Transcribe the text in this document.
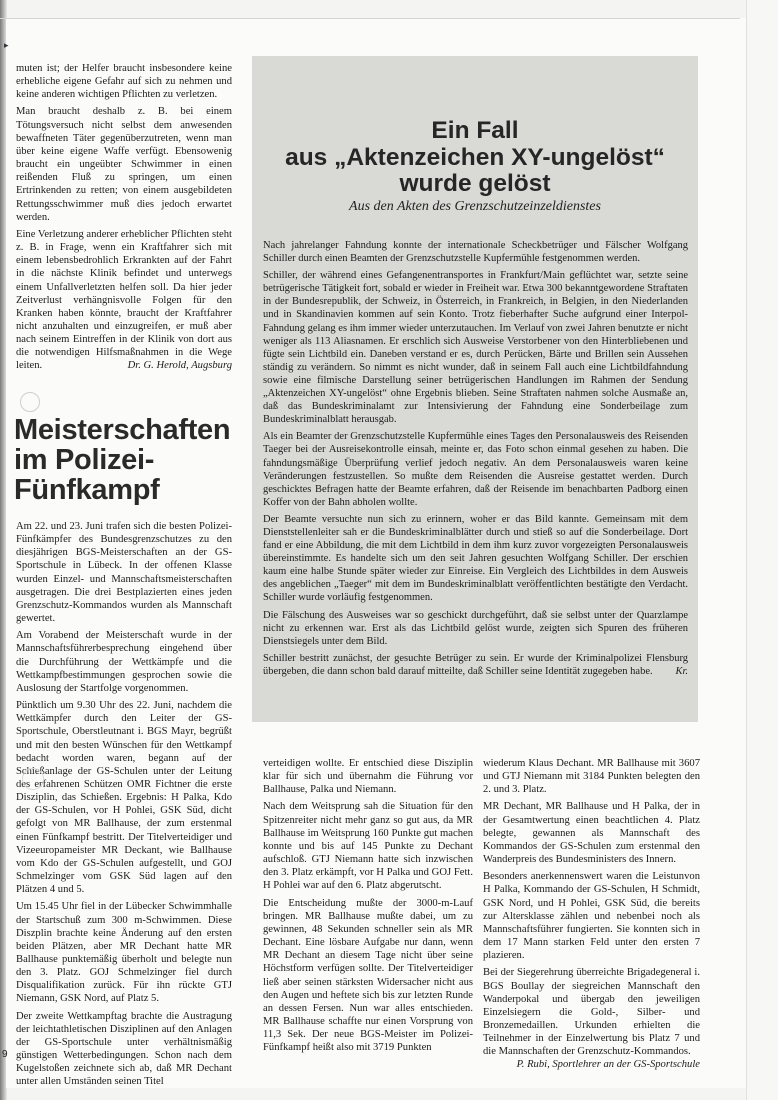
▸

muten ist; der Helfer braucht insbesondere keine erhebliche eigene Gefahr auf sich zu nehmen und keine anderen wichtigen Pflichten zu verletzen.

Man braucht deshalb z. B. bei einem Tötungsversuch nicht selbst dem anwesenden bewaffneten Täter gegenüberzutreten, wenn man über keine eigene Waffe verfügt. Ebensowenig braucht ein ungeübter Schwimmer in einen reißenden Fluß zu springen, um einen Ertrinkenden zu retten; von einem ausgebildeten Rettungsschwimmer muß dies jedoch erwartet werden.

Eine Verletzung anderer erheblicher Pflichten steht z. B. in Frage, wenn ein Kraftfahrer sich mit einem lebensbedrohlich Erkrankten auf der Fahrt in die nächste Klinik befindet und unterwegs einem Unfallverletzten helfen soll. Da hier jeder Zeitverlust verhängnisvolle Folgen für den Kranken haben könnte, braucht der Kraftfahrer nicht anzuhalten und einzugreifen, er muß aber nach seinem Eintreffen in der Klinik von dort aus die notwendigen Hilfsmaßnahmen in die Wege leiten.	Dr. G. Herold, Augsburg

Meisterschaften
im Polizei-
Fünfkampf

Am 22. und 23. Juni trafen sich die besten Polizei-Fünfkämpfer des Bundesgrenzschutzes zu den diesjährigen BGS-Meisterschaften an der GS-Sportschule in Lübeck. In der offenen Klasse wurden Einzel- und Mannschaftsmeisterschaften ausgetragen. Die drei Bestplazierten eines jeden Grenzschutz-Kommandos wurden als Mannschaft gewertet.

Am Vorabend der Meisterschaft wurde in der Mannschaftsführerbesprechung eingehend über die Durchführung der Wettkämpfe und die Wettkampfbestimmungen gesprochen sowie die Auslosung der Startfolge vorgenommen.

Pünktlich um 9.30 Uhr des 22. Juni, nachdem die Wettkämpfer durch den Leiter der GS-Sportschule, Oberstleutnant i. BGS Mayr, begrüßt und mit den besten Wünschen für den Wettkampf bedacht worden waren, begann auf der Schießanlage der GS-Schulen unter der Leitung des erfahrenen Schützen OMR Fichtner die erste Disziplin, das Schießen. Ergebnis: H Palka, Kdo der GS-Schulen, vor H Pohlei, GSK Süd, dicht gefolgt von MR Ballhause, der zum erstenmal einen Fünfkampf bestritt. Der Titelverteidiger und Vizeeuropameister MR Deckant, wie Ballhause vom Kdo der GS-Schulen aufgestellt, und GOJ Schmelzinger vom GSK Süd lagen auf den Plätzen 4 und 5.

Um 15.45 Uhr fiel in der Lübecker Schwimmhalle der Startschuß zum 300 m-Schwimmen. Diese Diszplin brachte keine Änderung auf den ersten beiden Plätzen, aber MR Dechant hatte MR Ballhause punktemäßig überholt und belegte nun den 3. Platz. GOJ Schmelzinger fiel durch Disqualifikation zurück. Für ihn rückte GTJ Niemann, GSK Nord, auf Platz 5.

Der zweite Wettkampftag brachte die Austragung der leichtathletischen Disziplinen auf den Anlagen der GS-Sportschule unter verhältnismäßig günstigen Wetterbedingungen. Schon nach dem Kugelstoßen zeichnete sich ab, daß MR Dechant unter allen Umständen seinen Titel

Ein Fall
aus „Aktenzeichen XY-ungelöst“
wurde gelöst
Aus den Akten des Grenzschutzeinzeldienstes

Nach jahrelanger Fahndung konnte der internationale Scheckbetrüger und Fälscher Wolfgang Schiller durch einen Beamten der Grenzschutzstelle Kupfermühle festgenommen werden.

Schiller, der während eines Gefangenentransportes in Frankfurt/Main geflüchtet war, setzte seine betrügerische Tätigkeit fort, sobald er wieder in Freiheit war. Etwa 300 bekanntgewordene Straftaten in der Bundesrepublik, der Schweiz, in Österreich, in Frankreich, in Belgien, in den Niederlanden und in Skandinavien kommen auf sein Konto. Trotz fieberhafter Suche aufgrund einer Interpol-Fahndung gelang es ihm immer wieder unterzutauchen. Im Verlauf von zwei Jahren benutzte er nicht weniger als 113 Aliasnamen. Er erschlich sich Ausweise Verstorbener von den Hinterbliebenen und fügte sein Lichtbild ein. Daneben verstand er es, durch Perücken, Bärte und Brillen sein Aussehen ständig zu verändern. So nimmt es nicht wunder, daß in seinem Fall auch eine Lichtbildfahndung sowie eine filmische Darstellung seiner betrügerischen Handlungen im Rahmen der Sendung „Aktenzeichen XY-ungelöst“ ohne Ergebnis blieben. Seine Straftaten nahmen solche Ausmaße an, daß das Bundeskriminalamt zur Intensivierung der Fahndung eine Sonderbeilage zum Bundeskriminalblatt herausgab.

Als ein Beamter der Grenzschutzstelle Kupfermühle eines Tages den Personalausweis des Reisenden Taeger bei der Ausreisekontrolle einsah, meinte er, das Foto schon einmal gesehen zu haben. Die fahndungsmäßige Überprüfung verlief jedoch negativ. An dem Personalausweis waren keine Veränderungen festzustellen. So mußte dem Reisenden die Ausreise gestattet werden. Durch geschicktes Befragen hatte der Beamte erfahren, daß der Reisende im benachbarten Padborg einen Koffer von der Bahn abholen wollte.

Der Beamte versuchte nun sich zu erinnern, woher er das Bild kannte. Gemeinsam mit dem Dienststellenleiter sah er die Bundeskriminalblätter durch und stieß so auf die Sonderbeilage. Dort fand er eine Abbildung, die mit dem Lichtbild in dem ihm kurz zuvor vorgezeigten Personalausweis übereinstimmte. Es handelte sich um den seit Jahren gesuchten Wolfgang Schiller. Der erschien kaum eine halbe Stunde später wieder zur Einreise. Ein Vergleich des Lichtbildes in dem Ausweis des angeblichen „Taeger“ mit dem im Bundeskriminalblatt veröffentlichten bestätigte den Verdacht. Schiller wurde vorläufig festgenommen.

Die Fälschung des Ausweises war so geschickt durchgeführt, daß sie selbst unter der Quarzlampe nicht zu erkennen war. Erst als das Lichtbild gelöst wurde, zeigten sich Spuren des früheren Dienstsiegels unter dem Bild.

Schiller bestritt zunächst, der gesuchte Betrüger zu sein. Er wurde der Kriminalpolizei Flensburg übergeben, die dann schon bald darauf mitteilte, daß Schiller seine Identität zugegeben habe. Kr.

verteidigen wollte. Er entschied diese Disziplin klar für sich und übernahm die Führung vor Ballhause, Palka und Niemann.

Nach dem Weitsprung sah die Situation für den Spitzenreiter nicht mehr ganz so gut aus, da MR Ballhause im Weitsprung 160 Punkte gut machen konnte und bis auf 145 Punkte zu Dechant aufschloß. GTJ Niemann hatte sich inzwischen den 3. Platz erkämpft, vor H Palka und GOJ Fett. H Pohlei war auf den 6. Platz abgerutscht.

Die Entscheidung mußte der 3000-m-Lauf bringen. MR Ballhause mußte dabei, um zu gewinnen, 48 Sekunden schneller sein als MR Dechant. Eine lösbare Aufgabe nur dann, wenn MR Dechant an diesem Tage nicht über seine Höchstform verfügen sollte. Der Titelverteidiger ließ aber seinen stärksten Widersacher nicht aus den Augen und heftete sich bis zur letzten Runde an dessen Fersen. Nun war alles entschieden. MR Ballhause schaffte nur einen Vorsprung von 11,3 Sek. Der neue BGS-Meister im Polizei-Fünfkampf heißt also mit 3719 Punkten

wiederum Klaus Dechant. MR Ballhause mit 3607 und GTJ Niemann mit 3184 Punkten belegten den 2. und 3. Platz.

MR Dechant, MR Ballhause und H Palka, der in der Gesamtwertung einen beachtlichen 4. Platz belegte, gewannen als Mannschaft des Kommandos der GS-Schulen zum erstenmal den Wanderpreis des Bundesministers des Innern.

Besonders anerkennenswert waren die Leistunvon H Palka, Kommando der GS-Schulen, H Schmidt, GSK Nord, und H Pohlei, GSK Süd, die bereits zur Altersklasse zählen und nebenbei noch als Mannschaftsführer fungierten. Sie konnten sich in dem 17 Mann starken Feld unter den ersten 7 plazieren.

Bei der Siegerehrung überreichte Brigadegeneral i. BGS Boullay der siegreichen Mannschaft den Wanderpokal und übergab den jeweiligen Einzelsiegern die Gold-, Silber- und Bronzemedaillen. Urkunden erhielten die Teilnehmer in der Einzelwertung bis Platz 7 und die Mannschaften der Grenzschutz-Kommandos.

P. Rubi, Sportlehrer an der GS-Sportschule
9
